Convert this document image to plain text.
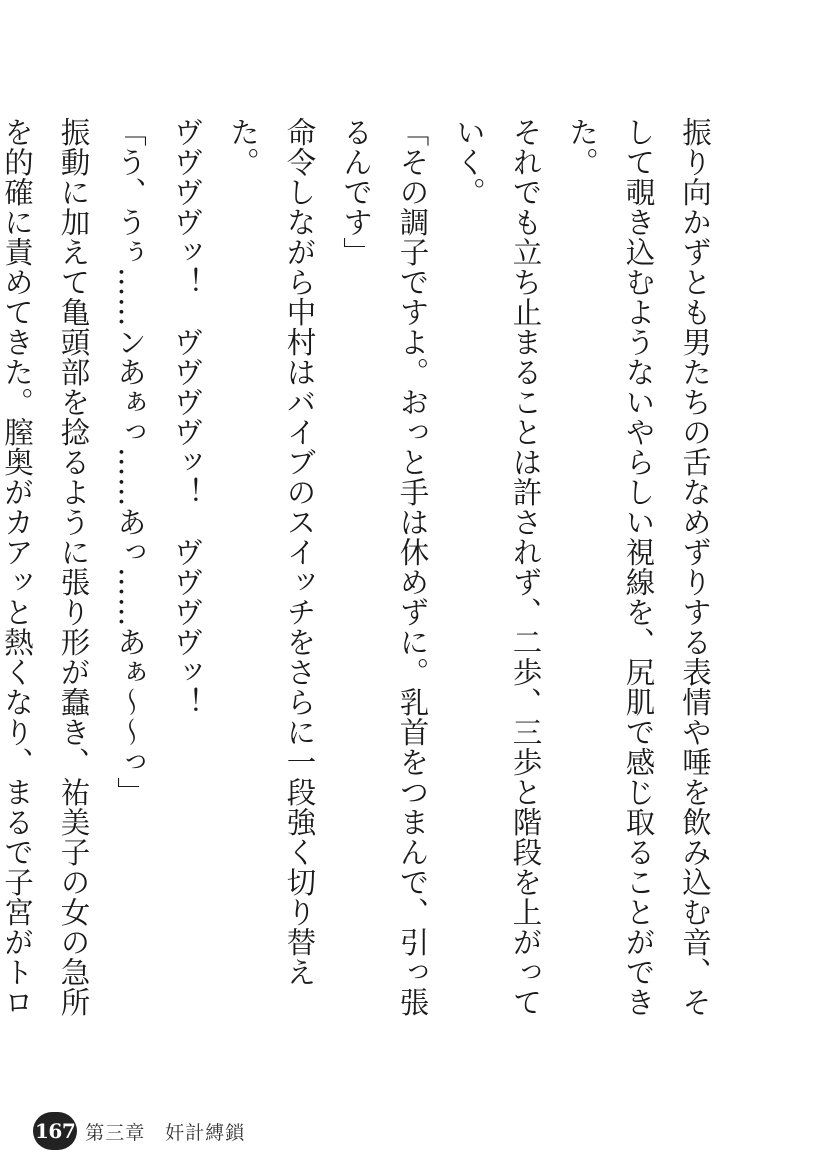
振り向かずとも男たちの舌なめずりする表情や唾を飲み込む音、そして覗き込むようないやらしい視線を、尻肌で感じ取ることができた。

それでも立ち止まることは許されず、二歩、三歩と階段を上がっていく。

「その調子ですよ。おっと手は休めずに。乳首をつまんで、引っ張るんです」

命令しながら中村はバイブのスイッチをさらに一段強く切り替えた。

ヴヴヴヴッ！　ヴヴヴヴッ！　ヴヴヴヴッ！

「う、うぅ……ンあぁっ……あっ……あぁ〜〜っ」

振動に加えて亀頭部を捻るように張り形が蠢き、祐美子の女の急所を的確に責めてきた。膣奥がカアッと熱くなり、まるで子宮がトロ

167 第三章　奸計縛鎖
